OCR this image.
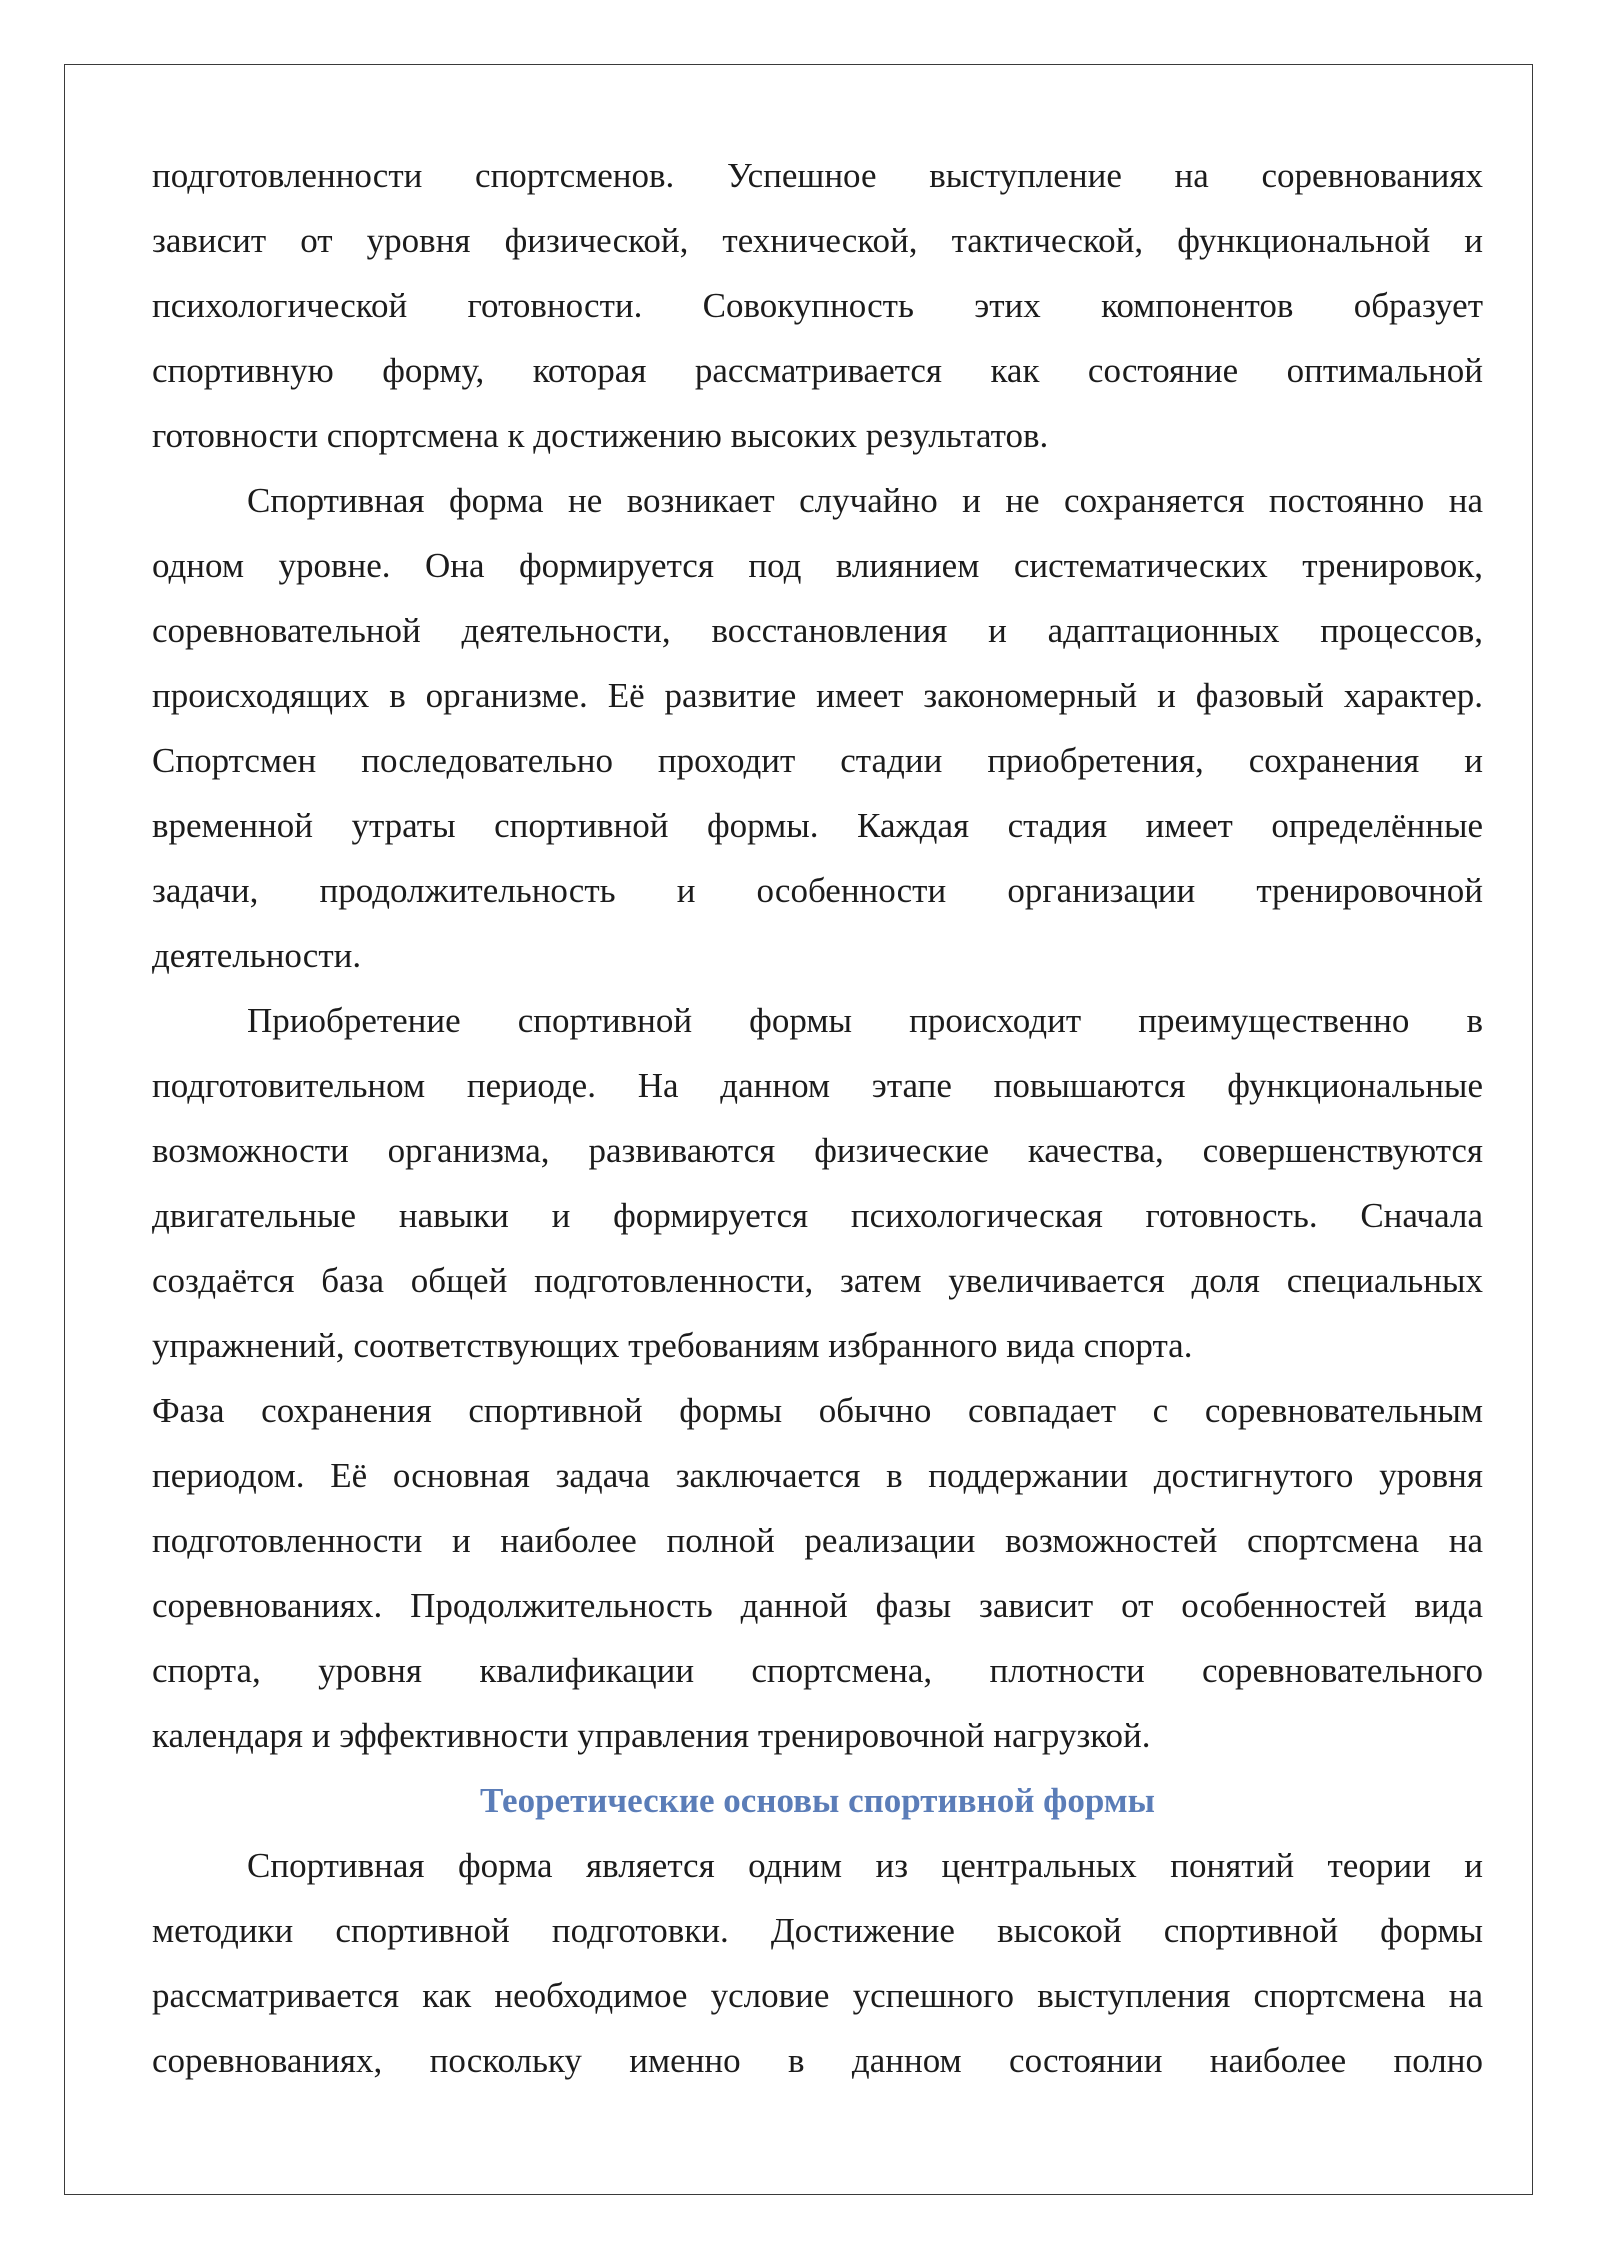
подготовленности спортсменов. Успешное выступление на соревнованиях
зависит от уровня физической, технической, тактической, функциональной и
психологической готовности. Совокупность этих компонентов образует
спортивную форму, которая рассматривается как состояние оптимальной
готовности спортсмена к достижению высоких результатов.
Спортивная форма не возникает случайно и не сохраняется постоянно на
одном уровне. Она формируется под влиянием систематических тренировок,
соревновательной деятельности, восстановления и адаптационных процессов,
происходящих в организме. Её развитие имеет закономерный и фазовый характер.
Спортсмен последовательно проходит стадии приобретения, сохранения и
временной утраты спортивной формы. Каждая стадия имеет определённые
задачи, продолжительность и особенности организации тренировочной
деятельности.
Приобретение спортивной формы происходит преимущественно в
подготовительном периоде. На данном этапе повышаются функциональные
возможности организма, развиваются физические качества, совершенствуются
двигательные навыки и формируется психологическая готовность. Сначала
создаётся база общей подготовленности, затем увеличивается доля специальных
упражнений, соответствующих требованиям избранного вида спорта.
Фаза сохранения спортивной формы обычно совпадает с соревновательным
периодом. Её основная задача заключается в поддержании достигнутого уровня
подготовленности и наиболее полной реализации возможностей спортсмена на
соревнованиях. Продолжительность данной фазы зависит от особенностей вида
спорта, уровня квалификации спортсмена, плотности соревновательного
календаря и эффективности управления тренировочной нагрузкой.
Теоретические основы спортивной формы
Спортивная форма является одним из центральных понятий теории и
методики спортивной подготовки. Достижение высокой спортивной формы
рассматривается как необходимое условие успешного выступления спортсмена на
соревнованиях, поскольку именно в данном состоянии наиболее полно
